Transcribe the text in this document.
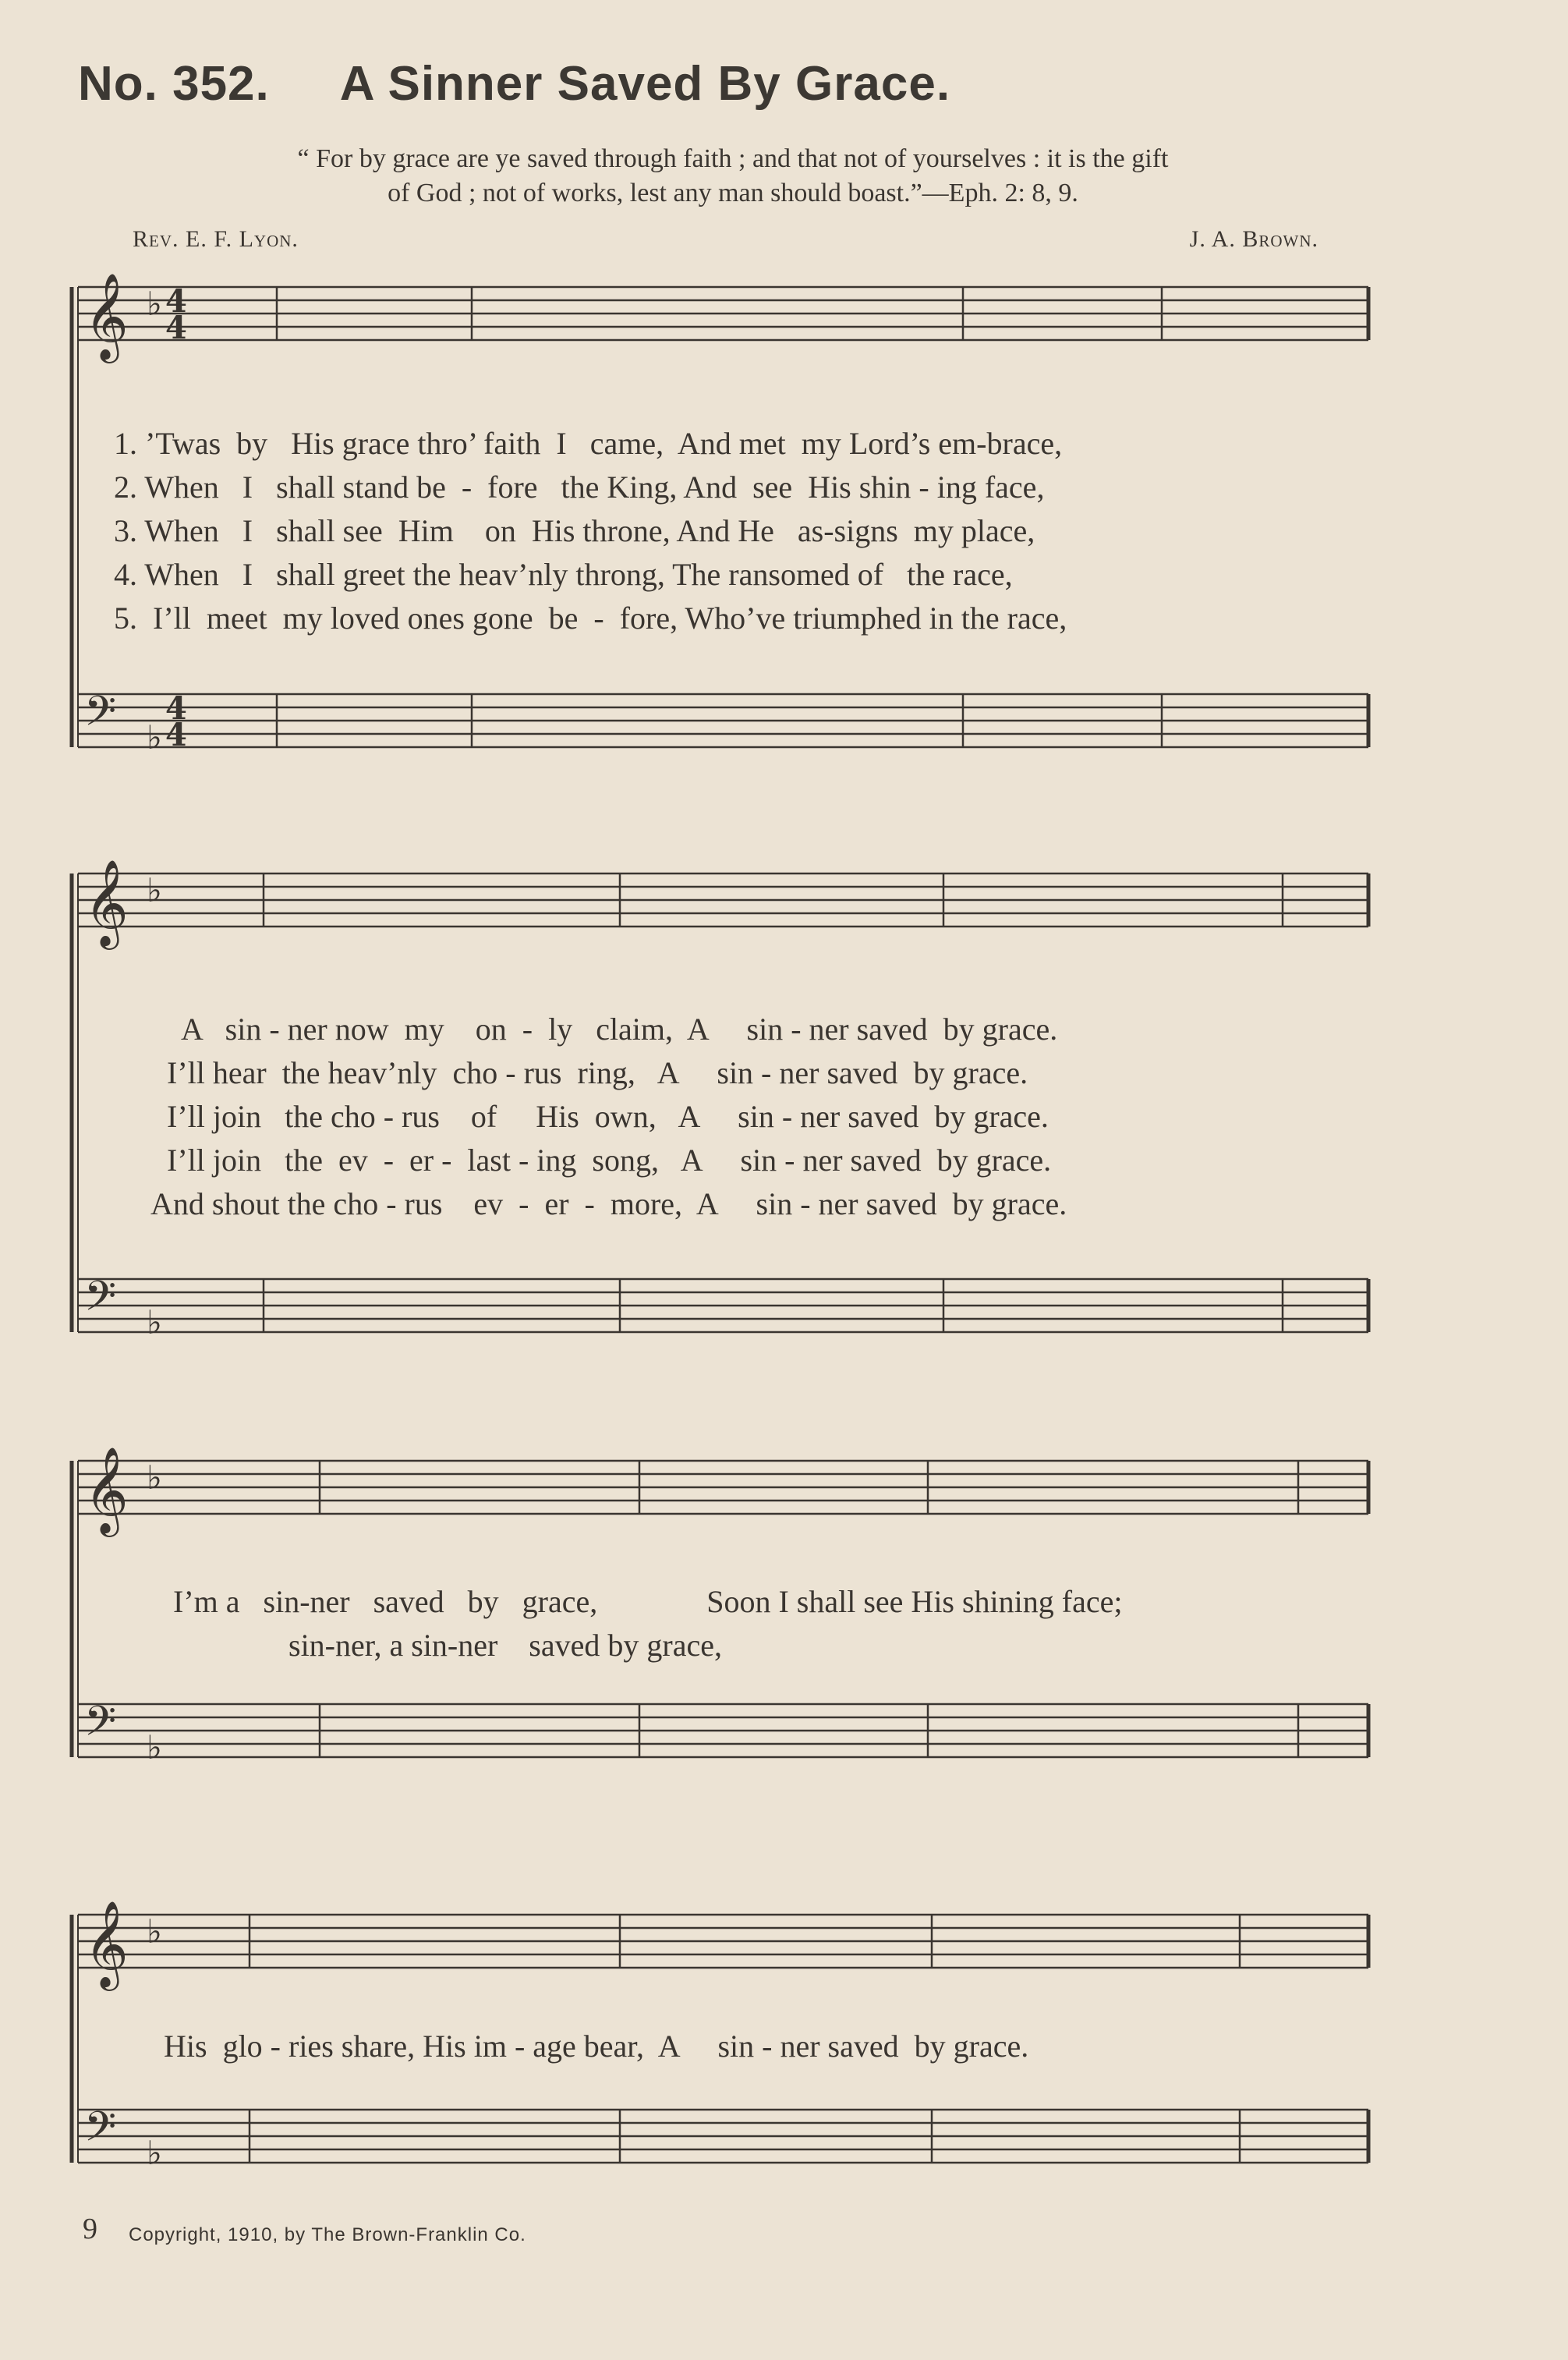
No. 352. A Sinner Saved By Grace.
“ For by grace are ye saved through faith ; and that not of yourselves : it is the gift
of God ; not of works, lest any man should boast.”—Eph. 2: 8, 9.
Rev. E. F. Lyon.	J. A. Brown.
𝄞 ♭ 4
4
𝄢 ♭
4
4
𝄞 ♭
𝄢 ♭
𝄞 ♭
𝄢 ♭
𝄞 ♭
𝄢 ♭
1. ’Twas  by   His grace thro’ faith  I   came,  And met  my Lord’s em-brace,
2. When   I   shall stand be  -  fore   the King, And  see  His shin - ing face,
3. When   I   shall see  Him    on  His throne, And He   as-signs  my place,
4. When   I   shall greet the heav’nly throng, The ransomed of   the race,
5.  I’ll  meet  my loved ones gone  be  -  fore, Who’ve triumphed in the race,
A   sin - ner now  my    on  -  ly   claim,  A     sin - ner saved  by grace.
I’ll hear  the heav’nly  cho - rus  ring,   A     sin - ner saved  by grace.
I’ll join   the cho - rus    of     His  own,   A     sin - ner saved  by grace.
I’ll join   the  ev  -  er -  last - ing  song,   A     sin - ner saved  by grace.
And shout the cho - rus    ev  -  er  -  more,  A     sin - ner saved  by grace.
I’m a   sin-ner   saved   by   grace,              Soon I shall see His shining face;
sin-ner, a sin-ner    saved by grace,
His  glo - ries share, His im - age bear,  A     sin - ner saved  by grace.
9 Copyright, 1910, by The Brown-Franklin Co.
